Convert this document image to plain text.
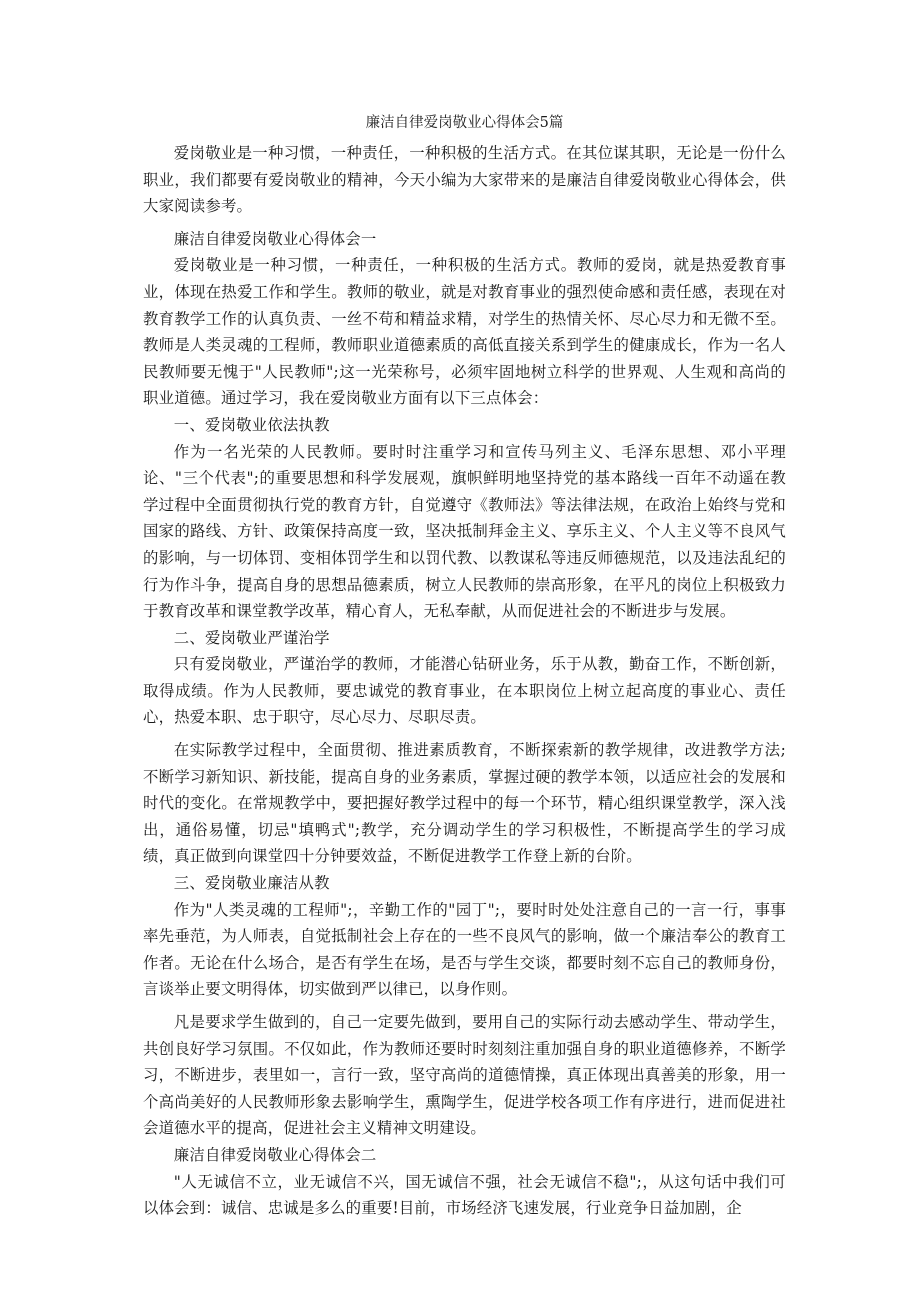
廉洁自律爱岗敬业心得体会5篇

爱岗敬业是一种习惯，一种责任，一种积极的生活方式。在其位谋其职，无论是一份什么职业，我们都要有爱岗敬业的精神，今天小编为大家带来的是廉洁自律爱岗敬业心得体会，供大家阅读参考。

廉洁自律爱岗敬业心得体会一

爱岗敬业是一种习惯，一种责任，一种积极的生活方式。教师的爱岗，就是热爱教育事业，体现在热爱工作和学生。教师的敬业，就是对教育事业的强烈使命感和责任感，表现在对教育教学工作的认真负责、一丝不苟和精益求精，对学生的热情关怀、尽心尽力和无微不至。教师是人类灵魂的工程师，教师职业道德素质的高低直接关系到学生的健康成长，作为一名人民教师要无愧于"人民教师";这一光荣称号，必须牢固地树立科学的世界观、人生观和高尚的职业道德。通过学习，我在爱岗敬业方面有以下三点体会：

一、爱岗敬业依法执教

作为一名光荣的人民教师。要时时注重学习和宣传马列主义、毛泽东思想、邓小平理论、"三个代表";的重要思想和科学发展观，旗帜鲜明地坚持党的基本路线一百年不动遥在教学过程中全面贯彻执行党的教育方针，自觉遵守《教师法》等法律法规，在政治上始终与党和国家的路线、方针、政策保持高度一致，坚决抵制拜金主义、享乐主义、个人主义等不良风气的影响，与一切体罚、变相体罚学生和以罚代教、以教谋私等违反师德规范，以及违法乱纪的行为作斗争，提高自身的思想品德素质，树立人民教师的崇高形象，在平凡的岗位上积极致力于教育改革和课堂教学改革，精心育人，无私奉献，从而促进社会的不断进步与发展。

二、爱岗敬业严谨治学

只有爱岗敬业，严谨治学的教师，才能潜心钻研业务，乐于从教，勤奋工作，不断创新，取得成绩。作为人民教师，要忠诚党的教育事业，在本职岗位上树立起高度的事业心、责任心，热爱本职、忠于职守，尽心尽力、尽职尽责。

在实际教学过程中，全面贯彻、推进素质教育，不断探索新的教学规律，改进教学方法;不断学习新知识、新技能，提高自身的业务素质，掌握过硬的教学本领，以适应社会的发展和时代的变化。在常规教学中，要把握好教学过程中的每一个环节，精心组织课堂教学，深入浅出，通俗易懂，切忌"填鸭式";教学，充分调动学生的学习积极性，不断提高学生的学习成绩，真正做到向课堂四十分钟要效益，不断促进教学工作登上新的台阶。

三、爱岗敬业廉洁从教

作为"人类灵魂的工程师";，辛勤工作的"园丁";，要时时处处注意自己的一言一行，事事率先垂范，为人师表，自觉抵制社会上存在的一些不良风气的影响，做一个廉洁奉公的教育工作者。无论在什么场合，是否有学生在场，是否与学生交谈，都要时刻不忘自己的教师身份，言谈举止要文明得体，切实做到严以律已，以身作则。

凡是要求学生做到的，自己一定要先做到，要用自己的实际行动去感动学生、带动学生，共创良好学习氛围。不仅如此，作为教师还要时时刻刻注重加强自身的职业道德修养，不断学习，不断进步，表里如一，言行一致，坚守高尚的道德情操，真正体现出真善美的形象，用一个高尚美好的人民教师形象去影响学生，熏陶学生，促进学校各项工作有序进行，进而促进社会道德水平的提高，促进社会主义精神文明建设。

廉洁自律爱岗敬业心得体会二

"人无诚信不立，业无诚信不兴，国无诚信不强，社会无诚信不稳";，从这句话中我们可以体会到：诚信、忠诚是多么的重要!目前，市场经济飞速发展，行业竞争日益加剧，企
